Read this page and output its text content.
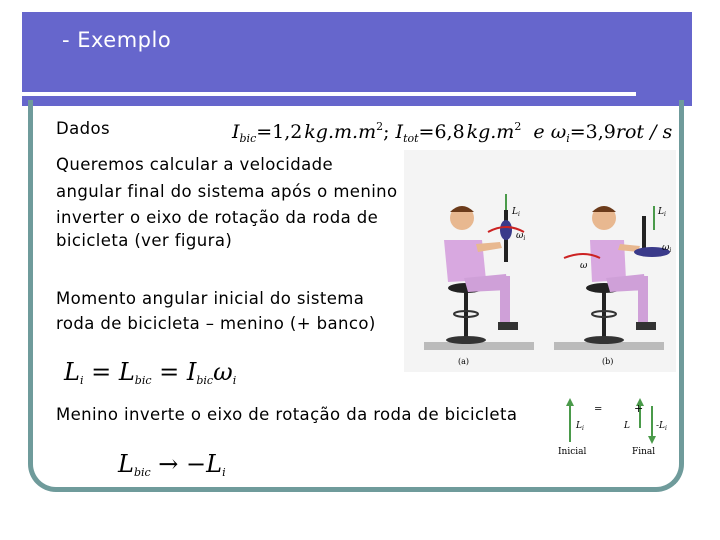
- Exemplo
Dados	$I_{bic}=1,2$  $kg.m.m^2$; $I_{tot}=6,8$  $kg.m^2$ e $\omega_i=3,9rot / s$
Queremos calcular a velocidade
angular final do sistema após o menino
inverter o eixo de rotação da roda de
bicicleta (ver figura)
Momento angular inicial do sistema
roda de bicicleta – menino (+ banco)
$L_i = L_{bic} = I_{bic}\omega_i$
Menino inverte o eixo de rotação da roda de bicicleta
$L_{bic} \to -L_i$
$L_i$
$\omega_i$
(a)
$L_i$
ω
$\omega_i$
(b)
$L_i$
Inicial
=	+
L	$-L_i$
Final
